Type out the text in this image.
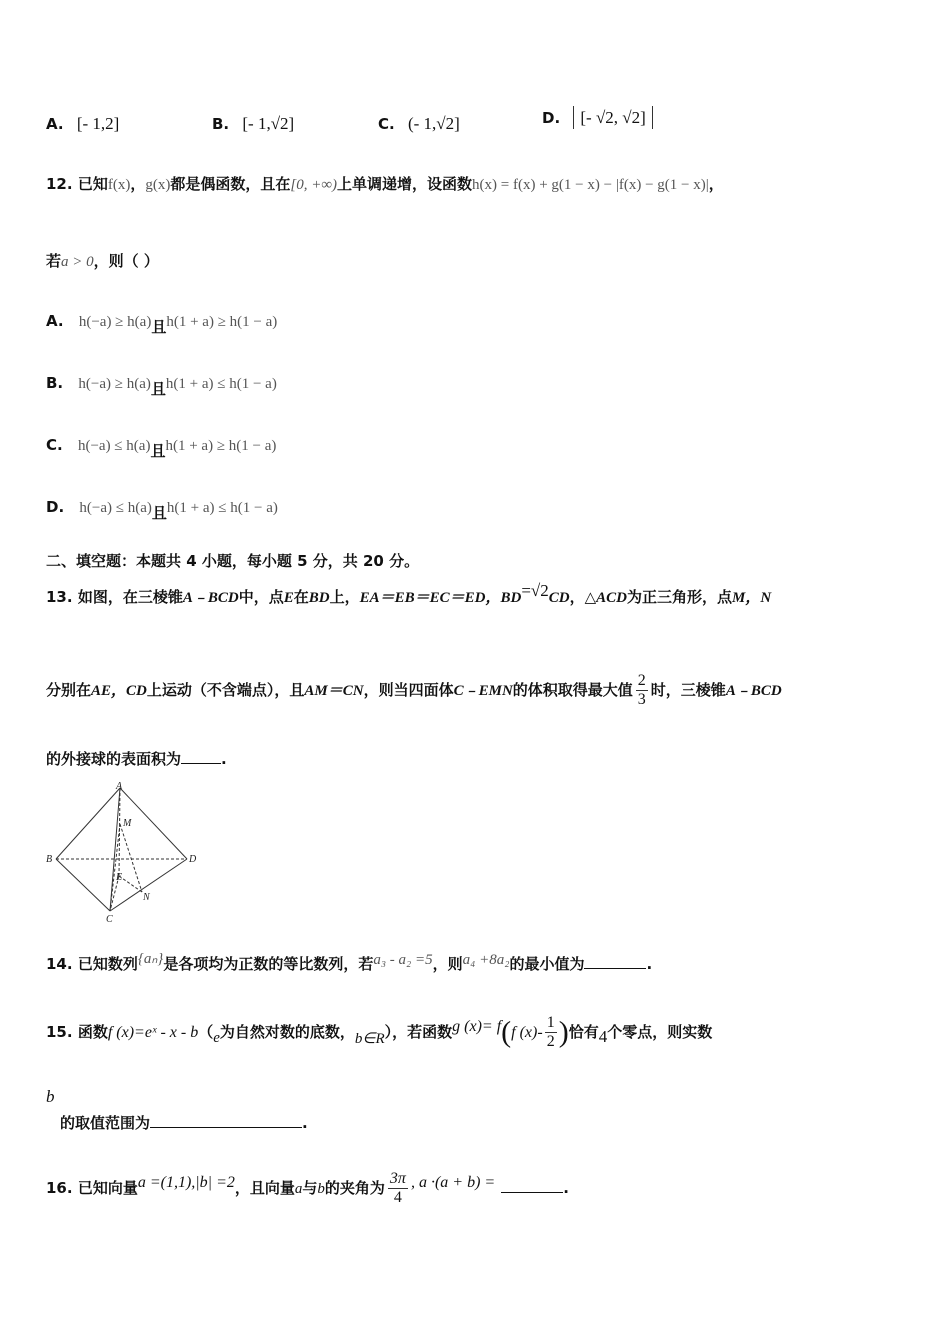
A. [- 1,2]	B. [- 1,√2]	C. (- 1,√2]	D. [- √2, √2]
12. 已知f(x)，g(x)都是偶函数，且在[0, +∞)上单调递增，设函数h(x) = f(x) + g(1 − x) − |f(x) − g(1 − x)|，
若a > 0，则（ ）
A. h(−a) ≥ h(a)且h(1 + a) ≥ h(1 − a)
B. h(−a) ≥ h(a)且h(1 + a) ≤ h(1 − a)
C. h(−a) ≤ h(a)且h(1 + a) ≥ h(1 − a)
D. h(−a) ≤ h(a)且h(1 + a) ≤ h(1 − a)
二、填空题：本题共 4 小题，每小题 5 分，共 20 分。
13. 如图，在三棱锥A﹣BCD中，点E在BD上，EA＝EB＝EC＝ED，BD=√2CD，△ACD为正三角形，点M，N
分别在AE，CD上运动（不含端点），且AM＝CN，则当四面体C﹣EMN的体积取得最大值 $\frac{2}{3}$ 时，三棱锥A﹣BCD
的外接球的表面积为	.
A
B
C
D
E
M
N
14. 已知数列{aₙ}是各项均为正数的等比数列，若a₃ - a₂ =5，则a₄ +8a₂的最小值为	.
15. 函数f (x)=eˣ - x - b（e为自然对数的底数，b∈R），若函数g (x)= f(f $(x)- \frac{1}{2}$ )恰有4个零点，则实数
b
的取值范围为	.
16. 已知向量a =(1,1),|b| =2，且向量a与b的夹角为 $\frac{3\pi}{4}$ , a ·(a + b) =	.
